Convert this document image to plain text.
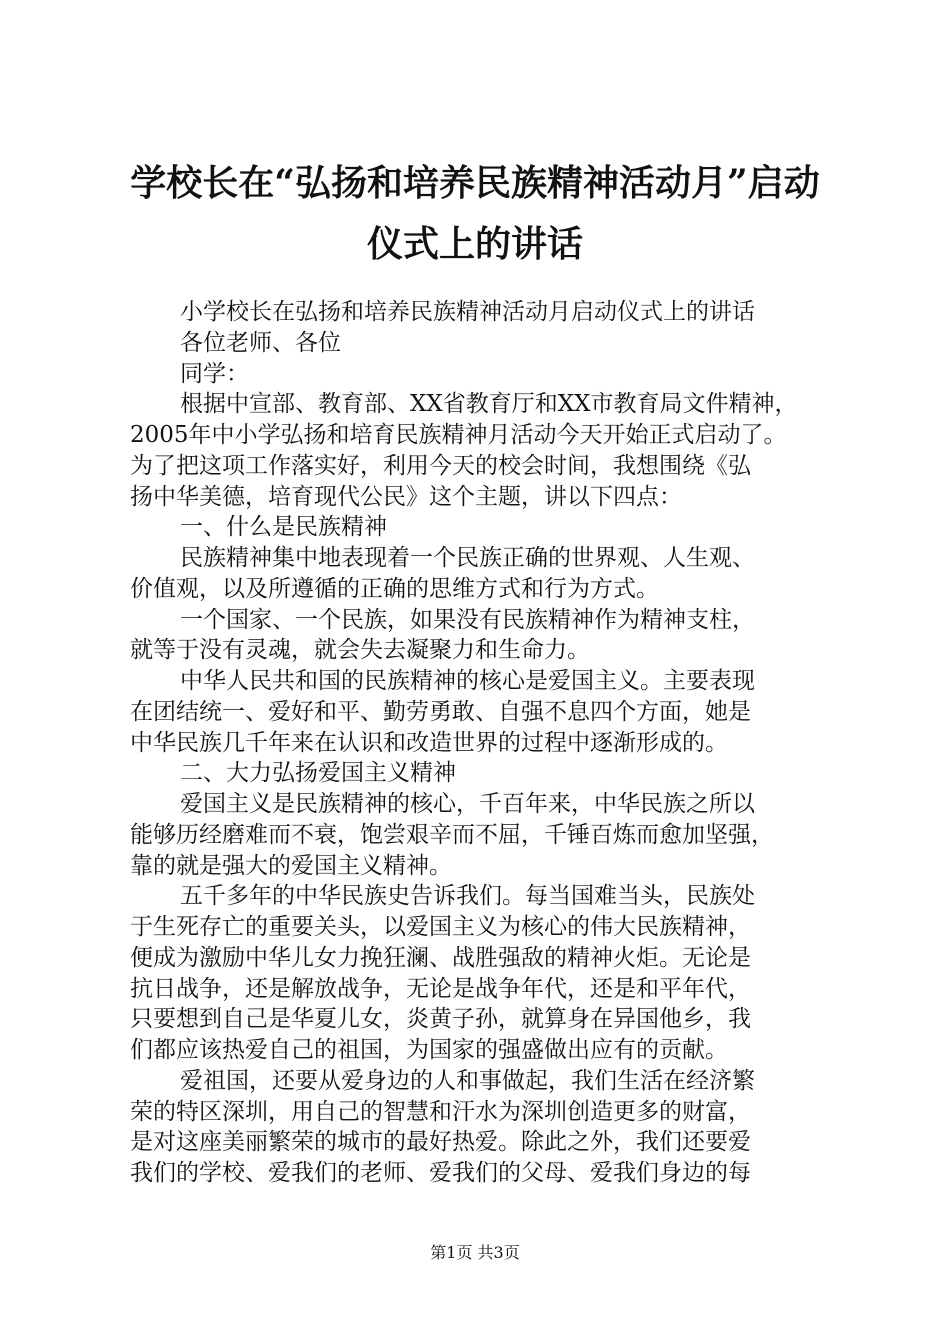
学校长在“弘扬和培养民族精神活动月”启动
仪式上的讲话
小学校长在弘扬和培养民族精神活动月启动仪式上的讲话
各位老师、各位
同学：
根据中宣部、教育部、XX省教育厅和XX市教育局文件精神，
2005年中小学弘扬和培育民族精神月活动今天开始正式启动了。
为了把这项工作落实好，利用今天的校会时间，我想围绕《弘
扬中华美德，培育现代公民》这个主题，讲以下四点：
一、什么是民族精神
民族精神集中地表现着一个民族正确的世界观、人生观、
价值观，以及所遵循的正确的思维方式和行为方式。
一个国家、一个民族，如果没有民族精神作为精神支柱，
就等于没有灵魂，就会失去凝聚力和生命力。
中华人民共和国的民族精神的核心是爱国主义。主要表现
在团结统一、爱好和平、勤劳勇敢、自强不息四个方面，她是
中华民族几千年来在认识和改造世界的过程中逐渐形成的。
二、大力弘扬爱国主义精神
爱国主义是民族精神的核心，千百年来，中华民族之所以
能够历经磨难而不衰，饱尝艰辛而不屈，千锤百炼而愈加坚强，
靠的就是强大的爱国主义精神。
五千多年的中华民族史告诉我们。每当国难当头，民族处
于生死存亡的重要关头，以爱国主义为核心的伟大民族精神，
便成为激励中华儿女力挽狂澜、战胜强敌的精神火炬。无论是
抗日战争，还是解放战争，无论是战争年代，还是和平年代，
只要想到自己是华夏儿女，炎黄子孙，就算身在异国他乡，我
们都应该热爱自己的祖国，为国家的强盛做出应有的贡献。
爱祖国，还要从爱身边的人和事做起，我们生活在经济繁
荣的特区深圳，用自己的智慧和汗水为深圳创造更多的财富，
是对这座美丽繁荣的城市的最好热爱。除此之外，我们还要爱
我们的学校、爱我们的老师、爱我们的父母、爱我们身边的每
第1页 共3页
